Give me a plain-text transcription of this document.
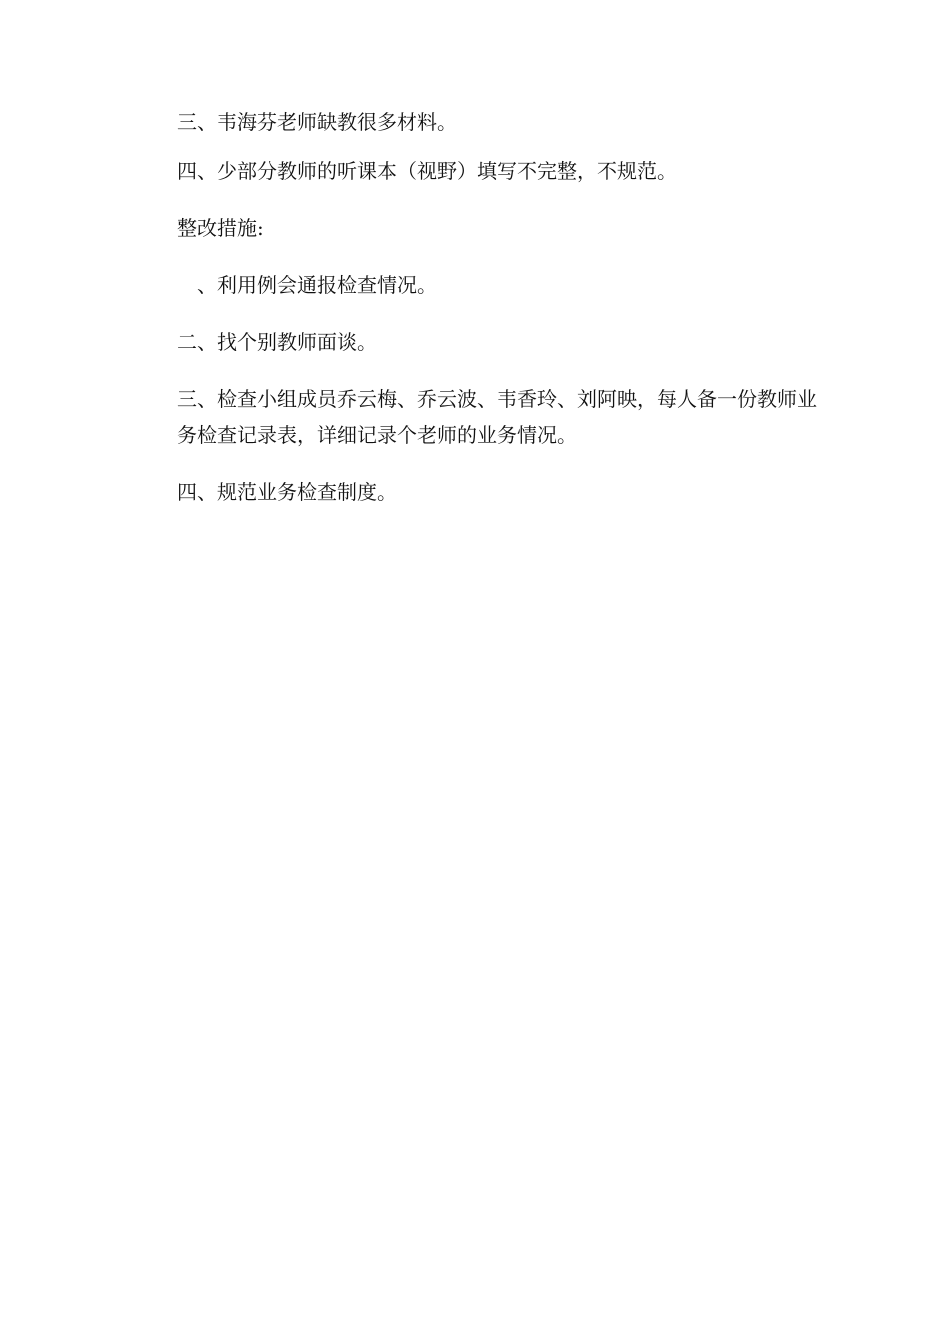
三、韦海芬老师缺教很多材料。

四、少部分教师的听课本（视野）填写不完整，不规范。

整改措施:

、利用例会通报检查情况。

二、找个别教师面谈。

三、检查小组成员乔云梅、乔云波、韦香玲、刘阿映，每人备一份教师业务检查记录表，详细记录个老师的业务情况。

四、规范业务检查制度。
